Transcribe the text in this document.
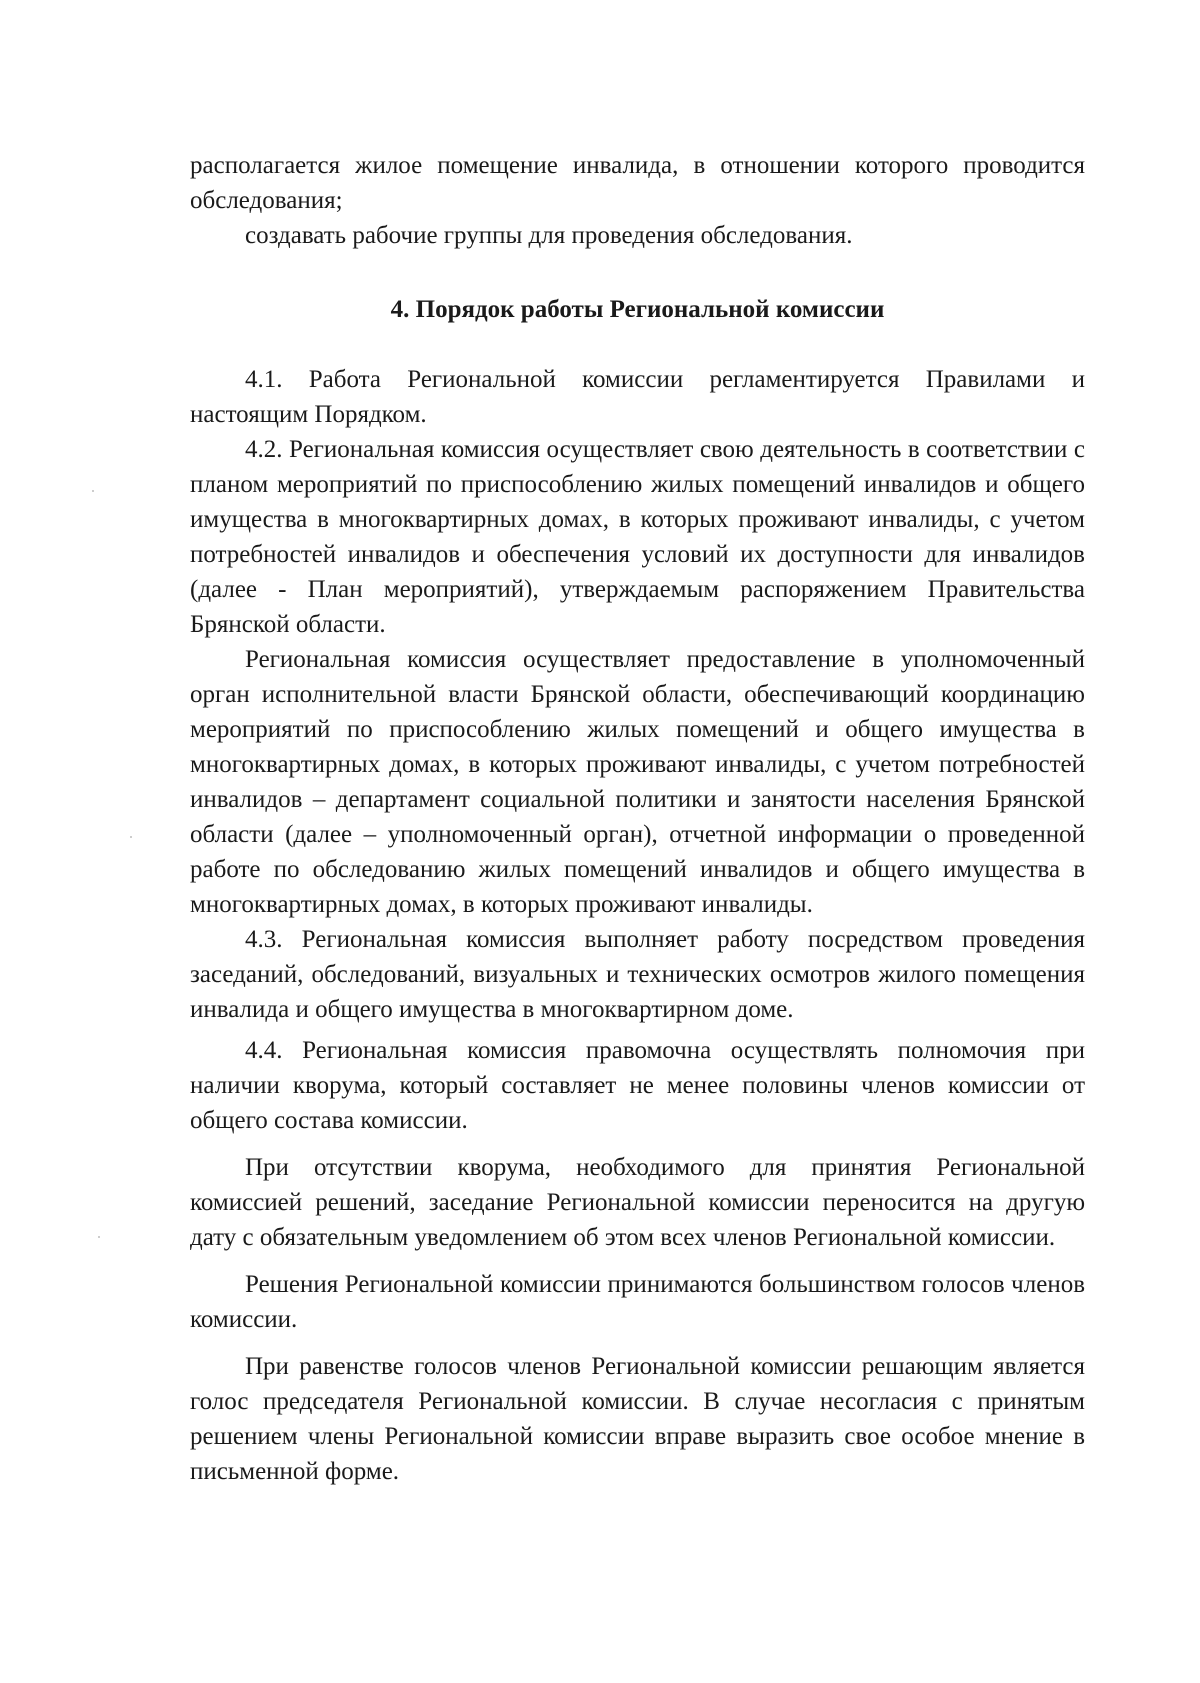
располагается жилое помещение инвалида, в отношении которого проводится обследования;

создавать рабочие группы для проведения обследования.

4. Порядок работы Региональной комиссии

4.1. Работа Региональной комиссии регламентируется Правилами и настоящим Порядком.

4.2. Региональная комиссия осуществляет свою деятельность в соответствии с планом мероприятий по приспособлению жилых помещений инвалидов и общего имущества в многоквартирных домах, в которых проживают инвалиды, с учетом потребностей инвалидов и обеспечения условий их доступности для инвалидов (далее - План мероприятий), утверждаемым распоряжением Правительства Брянской области.

Региональная комиссия осуществляет предоставление в уполномоченный орган исполнительной власти Брянской области, обеспечивающий координацию мероприятий по приспособлению жилых помещений и общего имущества в многоквартирных домах, в которых проживают инвалиды, с учетом потребностей инвалидов – департамент социальной политики и занятости населения Брянской области (далее – уполномоченный орган), отчетной информации о проведенной работе по обследованию жилых помещений инвалидов и общего имущества в многоквартирных домах, в которых проживают инвалиды.

4.3. Региональная комиссия выполняет работу посредством проведения заседаний, обследований, визуальных и технических осмотров жилого помещения инвалида и общего имущества в многоквартирном доме.

4.4. Региональная комиссия правомочна осуществлять полномочия при наличии кворума, который составляет не менее половины членов комиссии от общего состава комиссии.

При отсутствии кворума, необходимого для принятия Региональной комиссией решений, заседание Региональной комиссии переносится на другую дату с обязательным уведомлением об этом всех членов Региональной комиссии.

Решения Региональной комиссии принимаются большинством голосов членов комиссии.

При равенстве голосов членов Региональной комиссии решающим является голос председателя Региональной комиссии. В случае несогласия с принятым решением члены Региональной комиссии вправе выразить свое особое мнение в письменной форме.
